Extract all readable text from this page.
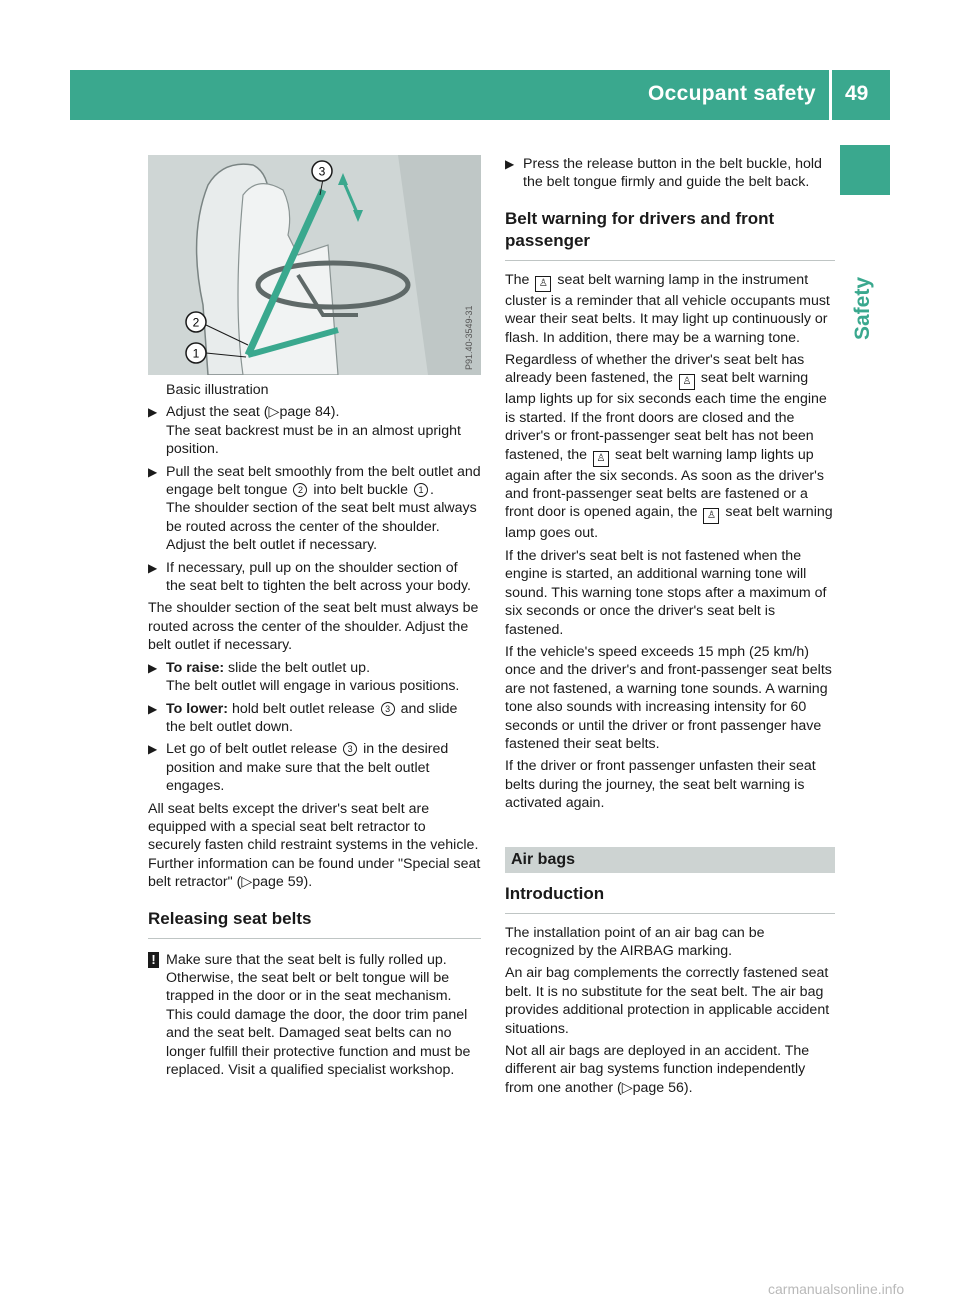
Occupant safety 49
Safety
2
1
3
P91.40-3549-31
Basic illustration
▶ Adjust the seat (▷page 84).
The seat backrest must be in an almost upright position.
▶ Pull the seat belt smoothly from the belt outlet and engage belt tongue 2 into belt buckle 1 .
The shoulder section of the seat belt must always be routed across the center of the shoulder. Adjust the belt outlet if necessary.
▶ If necessary, pull up on the shoulder section of the seat belt to tighten the belt across your body.
The shoulder section of the seat belt must always be routed across the center of the shoulder. Adjust the belt outlet if necessary.
▶ To raise: slide the belt outlet up.
The belt outlet will engage in various positions.
▶ To lower: hold belt outlet release 3 and slide the belt outlet down.
▶ Let go of belt outlet release 3 in the desired position and make sure that the belt outlet engages.
All seat belts except the driver's seat belt are equipped with a special seat belt retractor to securely fasten child restraint systems in the vehicle. Further information can be found under "Special seat belt retractor" (▷page 59).
Releasing seat belts
! Make sure that the seat belt is fully rolled up. Otherwise, the seat belt or belt tongue will be trapped in the door or in the seat mechanism. This could damage the door, the door trim panel and the seat belt. Damaged seat belts can no longer fulfill their protective function and must be replaced. Visit a qualified specialist workshop.
▶ Press the release button in the belt buckle, hold the belt tongue firmly and guide the belt back.
Belt warning for drivers and front passenger
The ♙ seat belt warning lamp in the instrument cluster is a reminder that all vehicle occupants must wear their seat belts. It may light up continuously or flash. In addition, there may be a warning tone.
Regardless of whether the driver's seat belt has already been fastened, the ♙ seat belt warning lamp lights up for six seconds each time the engine is started. If the front doors are closed and the driver's or front-passenger seat belt has not been fastened, the ♙ seat belt warning lamp lights up again after the six seconds. As soon as the driver's and front-passenger seat belts are fastened or a front door is opened again, the ♙ seat belt warning lamp goes out.
If the driver's seat belt is not fastened when the engine is started, an additional warning tone will sound. This warning tone stops after a maximum of six seconds or once the driver's seat belt is fastened.
If the vehicle's speed exceeds 15 mph (25 km/h) once and the driver's and front-passenger seat belts are not fastened, a warning tone sounds. A warning tone also sounds with increasing intensity for 60 seconds or until the driver or front passenger have fastened their seat belts.
If the driver or front passenger unfasten their seat belts during the journey, the seat belt warning is activated again.
Air bags
Introduction
The installation point of an air bag can be recognized by the AIRBAG marking.
An air bag complements the correctly fastened seat belt. It is no substitute for the seat belt. The air bag provides additional protection in applicable accident situations.
Not all air bags are deployed in an accident. The different air bag systems function independently from one another (▷page 56).
carmanualsonline.info
